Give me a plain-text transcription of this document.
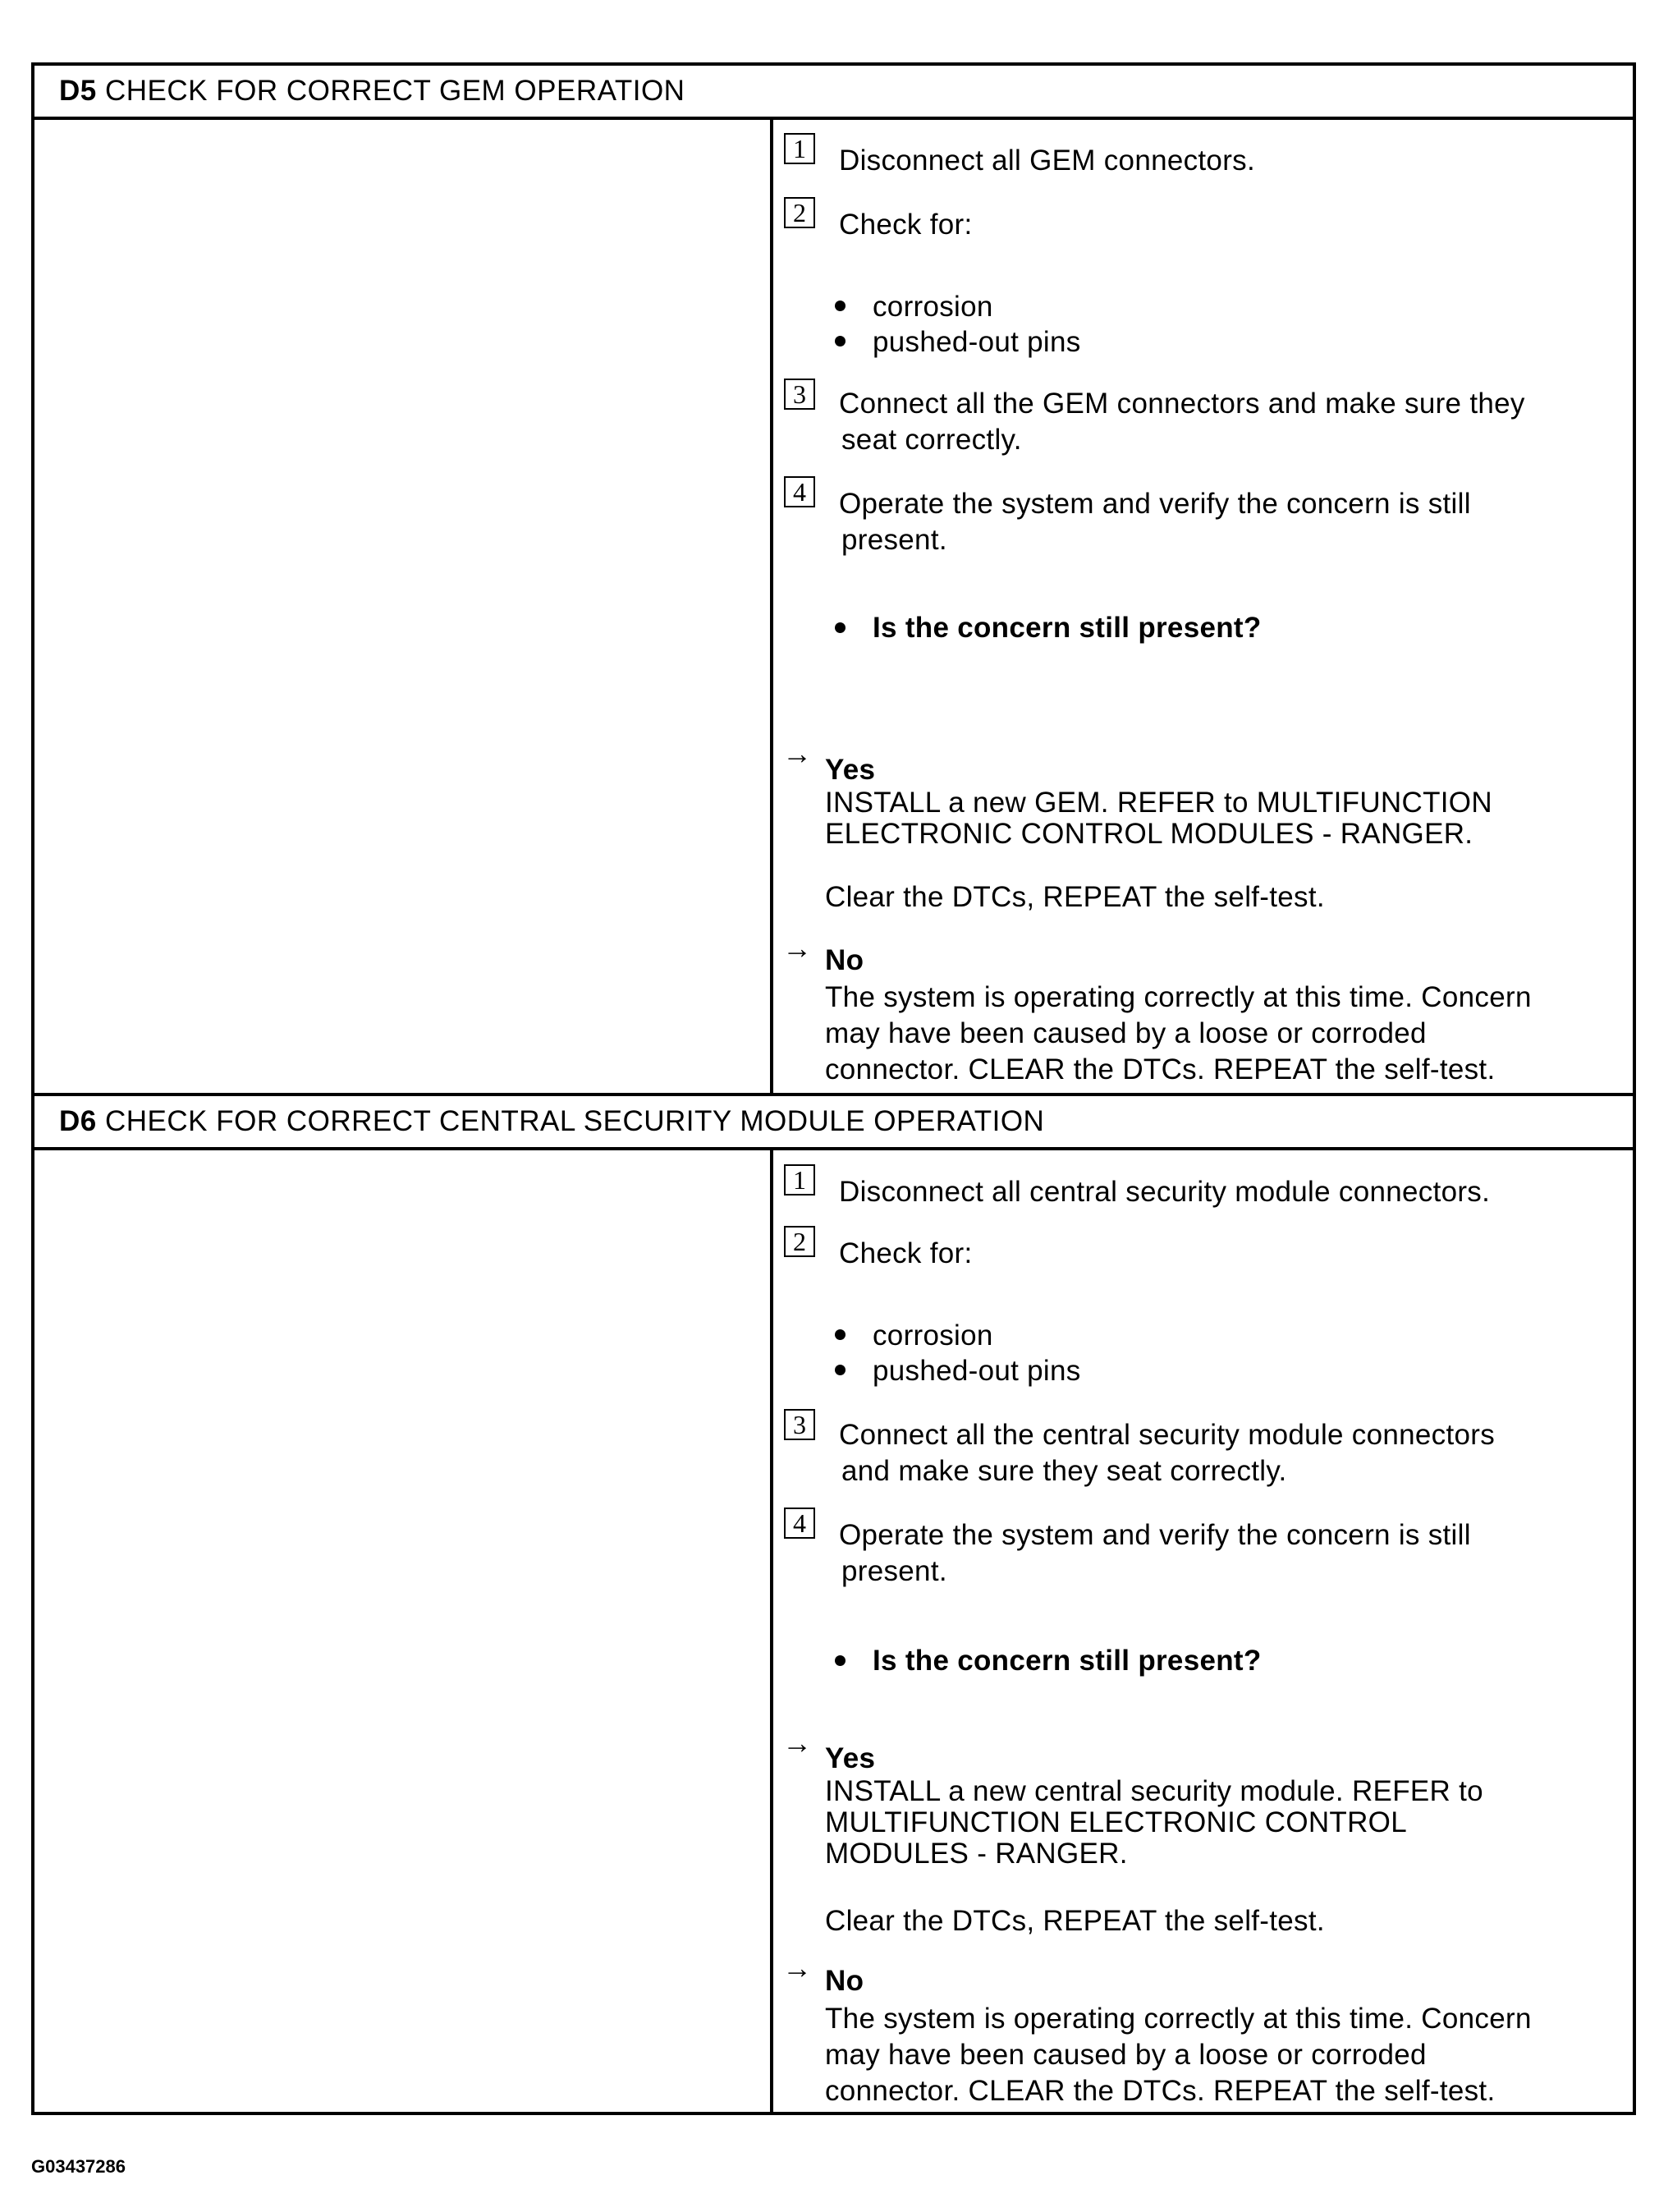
D5 CHECK FOR CORRECT GEM OPERATION
1	Disconnect all GEM connectors.
2	Check for:
corrosion
pushed-out pins
3	Connect all the GEM connectors and make sure they
seat correctly.
4	Operate the system and verify the concern is still
present.
Is the concern still present?
→ Yes
INSTALL a new GEM. REFER to MULTIFUNCTION
ELECTRONIC CONTROL MODULES - RANGER.
Clear the DTCs, REPEAT the self-test.
→ No
The system is operating correctly at this time. Concern
may have been caused by a loose or corroded
connector. CLEAR the DTCs. REPEAT the self-test.
D6 CHECK FOR CORRECT CENTRAL SECURITY MODULE OPERATION
1	Disconnect all central security module connectors.
2	Check for:
corrosion
pushed-out pins
3	Connect all the central security module connectors
and make sure they seat correctly.
4	Operate the system and verify the concern is still
present.
Is the concern still present?
→ Yes
INSTALL a new central security module. REFER to
MULTIFUNCTION ELECTRONIC CONTROL
MODULES - RANGER.
Clear the DTCs, REPEAT the self-test.
→ No
The system is operating correctly at this time. Concern
may have been caused by a loose or corroded
connector. CLEAR the DTCs. REPEAT the self-test.
G03437286
